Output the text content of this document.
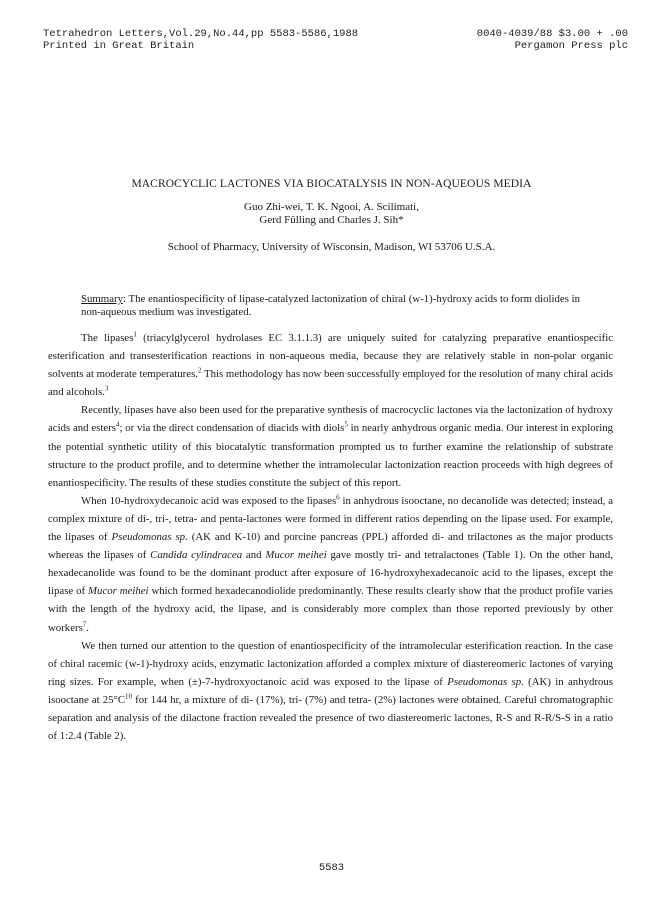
Tetrahedron Letters,Vol.29,No.44,pp 5583-5586,1988	0040-4039/88 $3.00 + .00
Printed in Great Britain	Pergamon Press plc
MACROCYCLIC LACTONES VIA BIOCATALYSIS IN NON-AQUEOUS MEDIA
Guo Zhi-wei, T. K. Ngooi, A. Scilimati,
Gerd Fülling and Charles J. Sih*
School of Pharmacy, University of Wisconsin, Madison, WI 53706 U.S.A.
Summary: The enantiospecificity of lipase-catalyzed lactonization of chiral (w-1)-hydroxy acids to form diolides in non-aqueous medium was investigated.

The lipases$^1$ (triacylglycerol hydrolases EC 3.1.1.3) are uniquely suited for catalyzing preparative enantiospecific esterification and transesterification reactions in non-aqueous media, because they are relatively stable in non-polar organic solvents at moderate temperatures.$^2$ This methodology has now been successfully employed for the resolution of many chiral acids and alcohols.$^3$

Recently, lipases have also been used for the preparative synthesis of macrocyclic lactones via the lactonization of hydroxy acids and esters$^4$; or via the direct condensation of diacids with diols$^5$ in nearly anhydrous organic media. Our interest in exploring the potential synthetic utility of this biocatalytic transformation prompted us to further examine the relationship of substrate structure to the product profile, and to determine whether the intramolecular lactonization reaction proceeds with high degrees of enantiospecificity. The results of these studies constitute the subject of this report.

When 10-hydroxydecanoic acid was exposed to the lipases$^6$ in anhydrous isooctane, no decanolide was detected; instead, a complex mixture of di-, tri-, tetra- and penta-lactones were formed in different ratios depending on the lipase used. For example, the lipases of Pseudomonas sp. (AK and K-10) and porcine pancreas (PPL) afforded di- and trilactones as the major products whereas the lipases of Candida cylindracea and Mucor meihei gave mostly tri- and tetralactones (Table 1). On the other hand, hexadecanolide was found to be the dominant product after exposure of 16-hydroxyhexadecanoic acid to the lipases, except the lipase of Mucor meihei which formed hexadecanodiolide predominantly. These results clearly show that the product profile varies with the length of the hydroxy acid, the lipase, and is considerably more complex than those reported previously by other workers$^7$.

We then turned our attention to the question of enantiospecificity of the intramolecular esterification reaction. In the case of chiral racemic (w-1)-hydroxy acids, enzymatic lactonization afforded a complex mixture of diastereomeric lactones of varying ring sizes. For example, when (±)-7-hydroxyoctanoic acid was exposed to the lipase of Pseudomonas sp. (AK) in anhydrous isooctane at $25^\circ C^{10}$ for 144 hr, a mixture of di- (17%), tri- (7%) and tetra- (2%) lactones were obtained. Careful chromatographic separation and analysis of the dilactone fraction revealed the presence of two diastereomeric lactones, R-S and R-R/S-S in a ratio of 1:2.4 (Table 2).

5583
